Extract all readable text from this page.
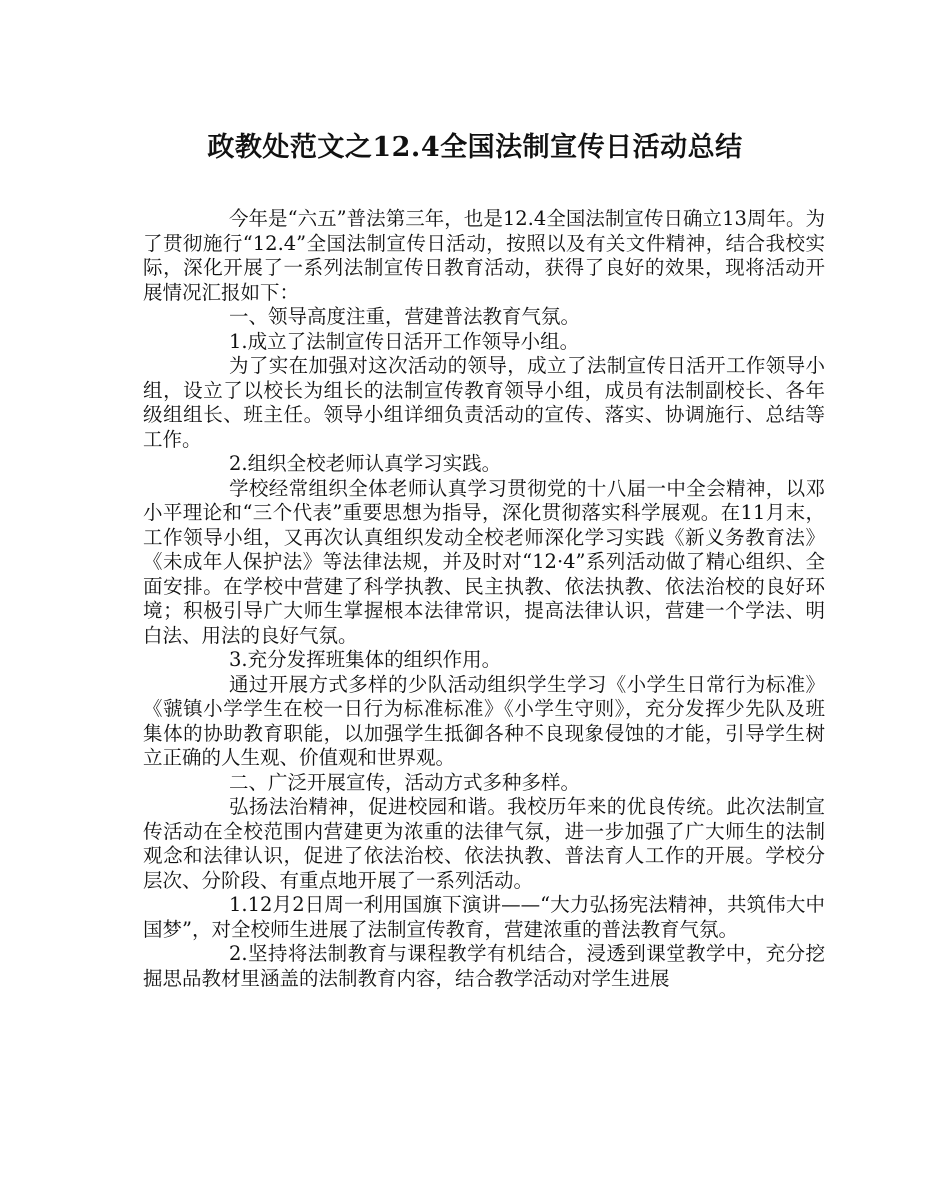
政教处范文之12.4全国法制宣传日活动总结

今年是“六五”普法第三年，也是12.4全国法制宣传日确立13周年。为了贯彻施行“12.4”全国法制宣传日活动，按照以及有关文件精神，结合我校实际，深化开展了一系列法制宣传日教育活动，获得了良好的效果，现将活动开展情况汇报如下：

一、领导高度注重，营建普法教育气氛。

1.成立了法制宣传日活开工作领导小组。

为了实在加强对这次活动的领导，成立了法制宣传日活开工作领导小组，设立了以校长为组长的法制宣传教育领导小组，成员有法制副校长、各年级组组长、班主任。领导小组详细负责活动的宣传、落实、协调施行、总结等工作。

2.组织全校老师认真学习实践。

学校经常组织全体老师认真学习贯彻党的十八届一中全会精神，以邓小平理论和“三个代表”重要思想为指导，深化贯彻落实科学展观。在11月末，工作领导小组，又再次认真组织发动全校老师深化学习实践《新义务教育法》《未成年人保护法》等法律法规，并及时对“12·4”系列活动做了精心组织、全面安排。在学校中营建了科学执教、民主执教、依法执教、依法治校的良好环境；积极引导广大师生掌握根本法律常识，提高法律认识，营建一个学法、明白法、用法的良好气氛。

3.充分发挥班集体的组织作用。

通过开展方式多样的少队活动组织学生学习《小学生日常行为标准》《虢镇小学学生在校一日行为标准标准》《小学生守则》，充分发挥少先队及班集体的协助教育职能，以加强学生抵御各种不良现象侵蚀的才能，引导学生树立正确的人生观、价值观和世界观。

二、广泛开展宣传，活动方式多种多样。

弘扬法治精神，促进校园和谐。我校历年来的优良传统。此次法制宣传活动在全校范围内营建更为浓重的法律气氛，进一步加强了广大师生的法制观念和法律认识，促进了依法治校、依法执教、普法育人工作的开展。学校分层次、分阶段、有重点地开展了一系列活动。

1.12月2日周一利用国旗下演讲——“大力弘扬宪法精神，共筑伟大中国梦”，对全校师生进展了法制宣传教育，营建浓重的普法教育气氛。

2.坚持将法制教育与课程教学有机结合，浸透到课堂教学中，充分挖掘思品教材里涵盖的法制教育内容，结合教学活动对学生进展
